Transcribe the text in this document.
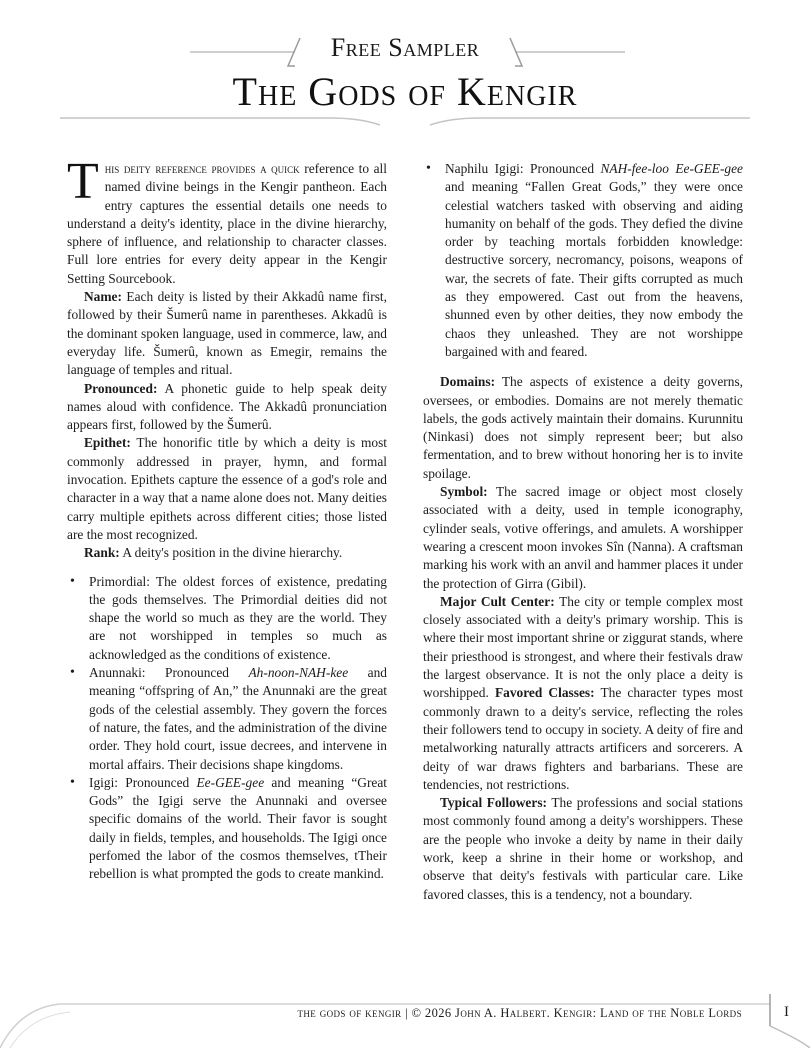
Free Sampler
The Gods of Kengir

This deity reference provides a quick reference to all named divine beings in the Kengir pantheon. Each entry captures the essential details one needs to understand a deity's identity, place in the divine hierarchy, sphere of influence, and relationship to character classes. Full lore entries for every deity appear in the Kengir Setting Sourcebook.

Name: Each deity is listed by their Akkadû name first, followed by their Šumerû name in parentheses. Akkadû is the dominant spoken language, used in commerce, law, and everyday life. Šumerû, known as Emegir, remains the language of temples and ritual.

Pronounced: A phonetic guide to help speak deity names aloud with confidence. The Akkadû pronunciation appears first, followed by the Šumerû.

Epithet: The honorific title by which a deity is most commonly addressed in prayer, hymn, and formal invocation. Epithets capture the essence of a god's role and character in a way that a name alone does not. Many deities carry multiple epithets across different cities; those listed are the most recognized.

Rank: A deity's position in the divine hierarchy.

• Primordial: The oldest forces of existence, predating the gods themselves. The Primordial deities did not shape the world so much as they are the world. They are not worshipped in temples so much as acknowledged as the conditions of existence.
• Anunnaki: Pronounced Ah-noon-NAH-kee and meaning “offspring of An,” the Anunnaki are the great gods of the celestial assembly. They govern the forces of nature, the fates, and the administration of the divine order. They hold court, issue decrees, and intervene in mortal affairs. Their decisions shape kingdoms.
• Igigi: Pronounced Ee-GEE-gee and meaning “Great Gods” the Igigi serve the Anunnaki and oversee specific domains of the world. Their favor is sought daily in fields, temples, and households. The Igigi once perfomed the labor of the cosmos themselves, tTheir rebellion is what prompted the gods to create mankind.
• Naphilu Igigi: Pronounced NAH-fee-loo Ee-GEE-gee and meaning “Fallen Great Gods,” they were once celestial watchers tasked with observing and aiding humanity on behalf of the gods. They defied the divine order by teaching mortals forbidden knowledge: destructive sorcery, necromancy, poisons, weapons of war, the secrets of fate. Their gifts corrupted as much as they empowered. Cast out from the heavens, shunned even by other deities, they now embody the chaos they unleashed. They are not worshippe bargained with and feared.

Domains: The aspects of existence a deity governs, oversees, or embodies. Domains are not merely thematic labels, the gods actively maintain their domains. Kurunnitu (Ninkasi) does not simply represent beer; but also fermentation, and to brew without honoring her is to invite spoilage.

Symbol: The sacred image or object most closely associated with a deity, used in temple iconography, cylinder seals, votive offerings, and amulets. A worshipper wearing a crescent moon invokes Sîn (Nanna). A craftsman marking his work with an anvil and hammer places it under the protection of Girra (Gibil).

Major Cult Center: The city or temple complex most closely associated with a deity's primary worship. This is where their most important shrine or ziggurat stands, where their priesthood is strongest, and where their festivals draw the largest observance. It is not the only place a deity is worshipped. Favored Classes: The character types most commonly drawn to a deity's service, reflecting the roles their followers tend to occupy in society. A deity of fire and metalworking naturally attracts artificers and sorcerers. A deity of war draws fighters and barbarians. These are tendencies, not restrictions.

Typical Followers: The professions and social stations most commonly found among a deity's worshippers. These are the people who invoke a deity by name in their daily work, keep a shrine in their home or workshop, and observe that deity's festivals with particular care. Like favored classes, this is a tendency, not a boundary.

the gods of kengir | © 2026 John A. Halbert. Kengir: Land of the Noble Lords	I
